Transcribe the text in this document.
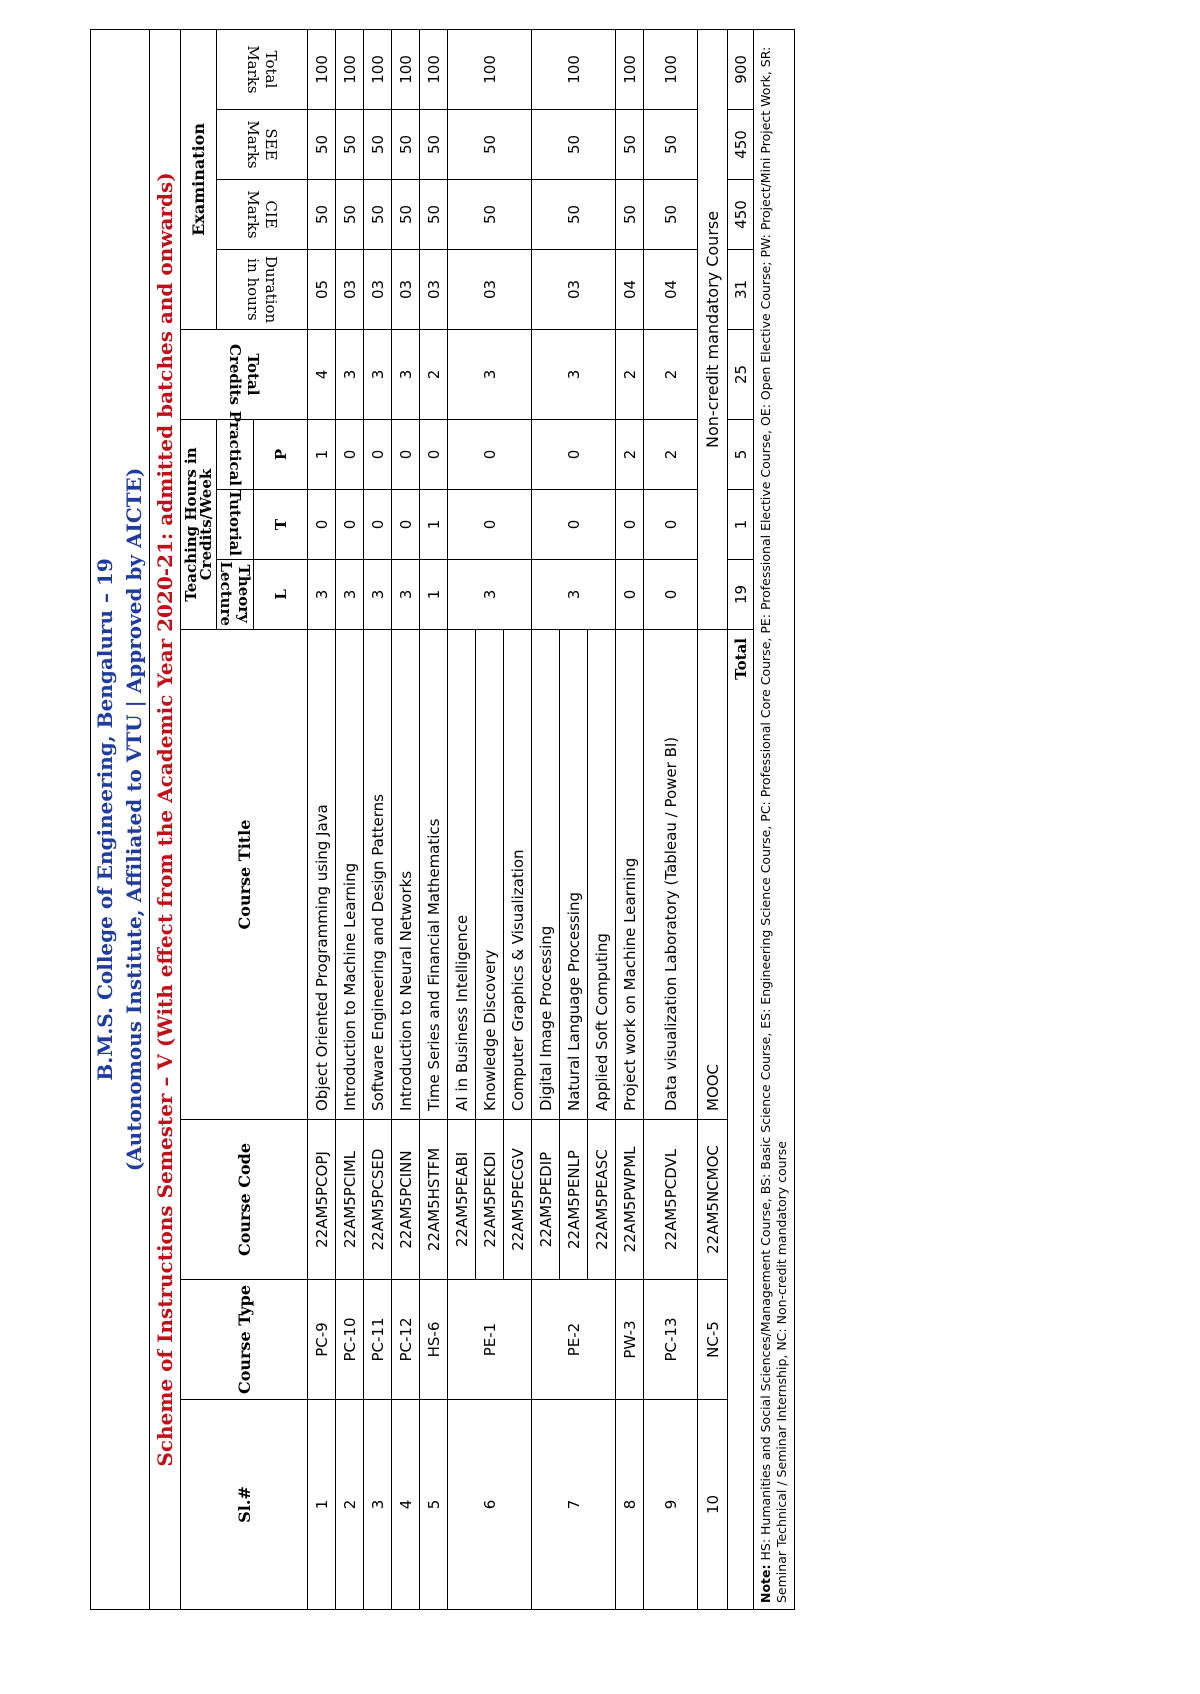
B.M.S. College of Engineering, Bengaluru – 19											
(Autonomous Institute, Affiliated to VTU | Approved by AICTE)											
Scheme of Instructions Semester – V (With effect from the Academic Year 2020-21: admitted batches and onwards)											
Sl.#	Course Type	Course Code	Course Title	Teaching Hours in Credits/Week			Total Credits	Examination			
				Theory Lecture	Tutorial	Practical		Duration in hours	CIE Marks	SEE Marks	Total Marks
				L	T	P					
1	PC-9	22AM5PCOPJ	Object Oriented Programming using Java	3	0	1	4	05	50	50	100
2	PC-10	22AM5PCIML	Introduction to Machine Learning	3	0	0	3	03	50	50	100
3	PC-11	22AM5PCSED	Software Engineering and Design Patterns	3	0	0	3	03	50	50	100
4	PC-12	22AM5PCINN	Introduction to Neural Networks	3	0	0	3	03	50	50	100
5	HS-6	22AM5HSTFM	Time Series and Financial Mathematics	1	1	0	2	03	50	50	100
6	PE-1	22AM5PEABI	AI in Business Intelligence	3	0	0	3	03	50	50	100
		22AM5PEKDI	Knowledge Discovery								
		22AM5PECGV	Computer Graphics & Visualization								
7	PE-2	22AM5PEDIP	Digital Image Processing	3	0	0	3	03	50	50	100
		22AM5PENLP	Natural Language Processing								
		22AM5PEASC	Applied Soft Computing								
8	PW-3	22AM5PWPML	Project work on Machine Learning	0	0	2	2	04	50	50	100
9	PC-13	22AM5PCDVL	Data visualization Laboratory (Tableau / Power BI)	0	0	2	2	04	50	50	100
10	NC-5	22AM5NCMOC	MOOC	Non-credit mandatory Course							
Total				19	1	5	25	31	450	450	900
Note: HS: Humanities and Social Sciences/Management Course, BS: Basic Science Course, ES: Engineering Science Course, PC: Professional Core Course, PE: Professional Elective Course, OE: Open Elective Course; PW: Project/Mini Project Work, SR: Seminar Technical / Seminar Internship, NC: Non-credit mandatory course											
